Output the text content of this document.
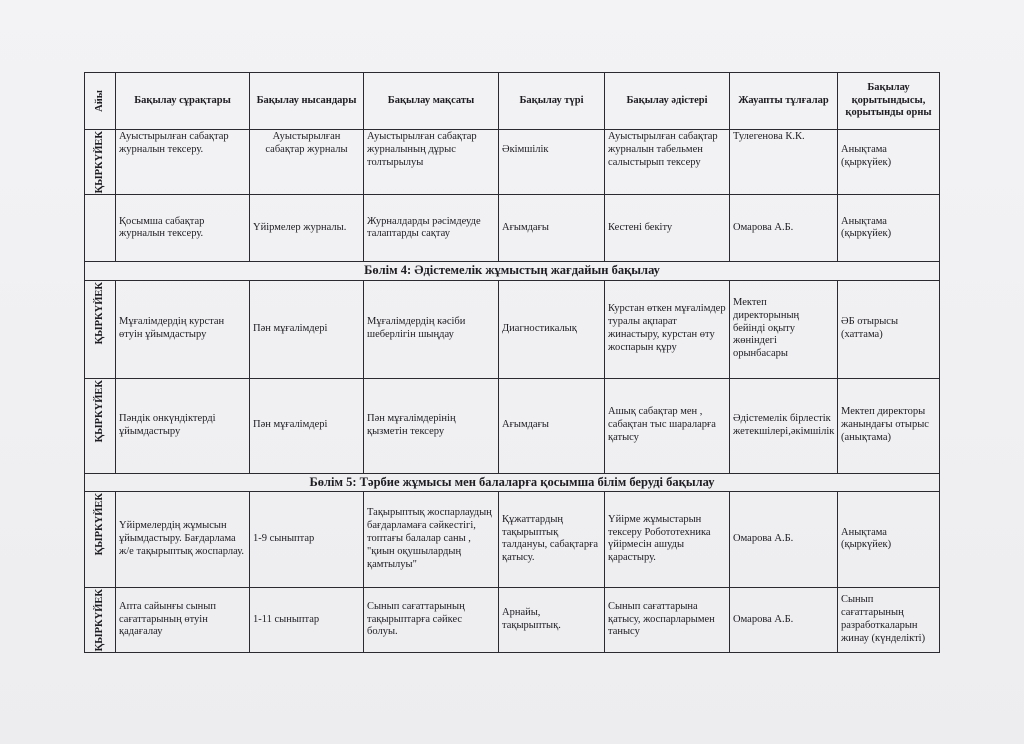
Айы	Бақылау сұрақтары	Бақылау нысандары	Бақылау мақсаты	Бақылау түрі	Бақылау әдістері	Жауапты тұлғалар	Бақылау қорытындысы, қорытынды орны

ҚЫРКҮЙЕК	Ауыстырылған сабақтар журналын тексеру.	Ауыстырылған сабақтар журналы	Ауыстырылған сабақтар журналының дұрыс толтырылуы	Әкімшілік	Ауыстырылған сабақтар журналын табельмен салыстырып тексеру	Тулегенова К.К.	Анықтама (қыркүйек)

	Қосымша сабақтар журналын тексеру.	Үйірмелер журналы.	Журналдарды рәсімдеуде талаптарды сақтау	Ағымдағы	Кестені бекіту	Омарова А.Б.	Анықтама (қыркүйек)
Бөлім 4: Әдістемелік жұмыстың жағдайын бақылау							

ҚЫРКҮЙЕК	Мұғалімдердің курстан өтуін ұйымдастыру	Пән мұғалімдері	Мұғалімдердің кәсіби шеберлігін шыңдау	Диагностикалық	Курстан өткен мұғалімдер туралы ақпарат жинастыру, курстан өту жоспарын құру	Мектеп директорының бейінді оқыту жөніндегі орынбасары	ӘБ отырысы (хаттама)

ҚЫРКҮЙЕК	Пәндік онкүндіктерді ұйымдастыру	Пән мұғалімдері	Пән мұғалімдерінің қызметін тексеру	Ағымдағы	Ашық сабақтар мен , сабақтан тыс шараларға қатысу	Әдістемелік бірлестік жетекшілері,әкімшілік	Мектеп директоры жанындағы отырыс (анықтама)
Бөлім 5: Тәрбие жұмысы мен балаларға қосымша білім беруді бақылау							

ҚЫРКҮЙЕК	Үйірмелердің жұмысын ұйымдастыру. Бағдарлама ж/е тақырыптық жоспарлау.	1-9 сыныптар	Тақырыптық жоспарлаудың бағдарламаға сәйкестігі, топтағы балалар саны , "қиын оқушылардың қамтылуы"	Құжаттардың тақырыптық талдануы, сабақтарға қатысу.	Үйірме жұмыстарын тексеру Робототехника үйірмесін ашуды қарастыру.	Омарова А.Б.	Анықтама (қыркүйек)

ҚЫРКҮЙЕК	Апта сайынғы сынып сағаттарының өтуін қадағалау	1-11 сыныптар	Сынып сағаттарының тақырыптарға сәйкес болуы.	Арнайы, тақырыптық.	Сынып сағаттарына қатысу, жоспарларымен танысу	Омарова А.Б.	Сынып сағаттарының разработкаларын жинау (күнделікті)
